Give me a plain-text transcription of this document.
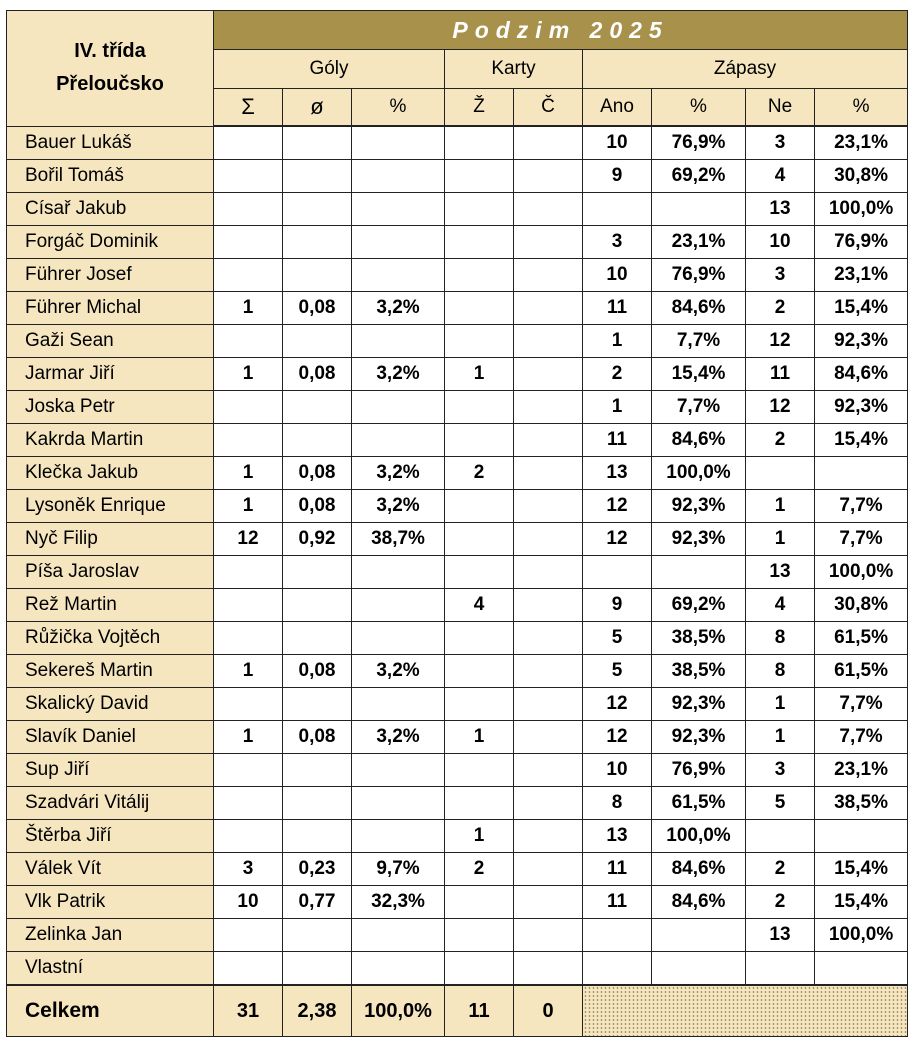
IV. třída
Přeloučsko	Podzim 2025								
	Góly			Karty		Zápasy			
	Σ	ø	%	Ž	Č	Ano	%	Ne	%
Bauer Lukáš						10	76,9%	3	23,1%
Bořil Tomáš						9	69,2%	4	30,8%
Císař Jakub								13	100,0%
Forgáč Dominik						3	23,1%	10	76,9%
Führer Josef						10	76,9%	3	23,1%
Führer Michal	1	0,08	3,2%			11	84,6%	2	15,4%
Gaži Sean						1	7,7%	12	92,3%
Jarmar Jiří	1	0,08	3,2%	1		2	15,4%	11	84,6%
Joska Petr						1	7,7%	12	92,3%
Kakrda Martin						11	84,6%	2	15,4%
Klečka Jakub	1	0,08	3,2%	2		13	100,0%		
Lysoněk Enrique	1	0,08	3,2%			12	92,3%	1	7,7%
Nyč Filip	12	0,92	38,7%			12	92,3%	1	7,7%
Píša Jaroslav								13	100,0%
Rež Martin				4		9	69,2%	4	30,8%
Růžička Vojtěch						5	38,5%	8	61,5%
Sekereš Martin	1	0,08	3,2%			5	38,5%	8	61,5%
Skalický David						12	92,3%	1	7,7%
Slavík Daniel	1	0,08	3,2%	1		12	92,3%	1	7,7%
Sup Jiří						10	76,9%	3	23,1%
Szadvári Vitálij						8	61,5%	5	38,5%
Štěrba Jiří				1		13	100,0%		
Válek Vít	3	0,23	9,7%	2		11	84,6%	2	15,4%
Vlk Patrik	10	0,77	32,3%			11	84,6%	2	15,4%
Zelinka Jan								13	100,0%
Vlastní									
Celkem	31	2,38	100,0%	11	0				
